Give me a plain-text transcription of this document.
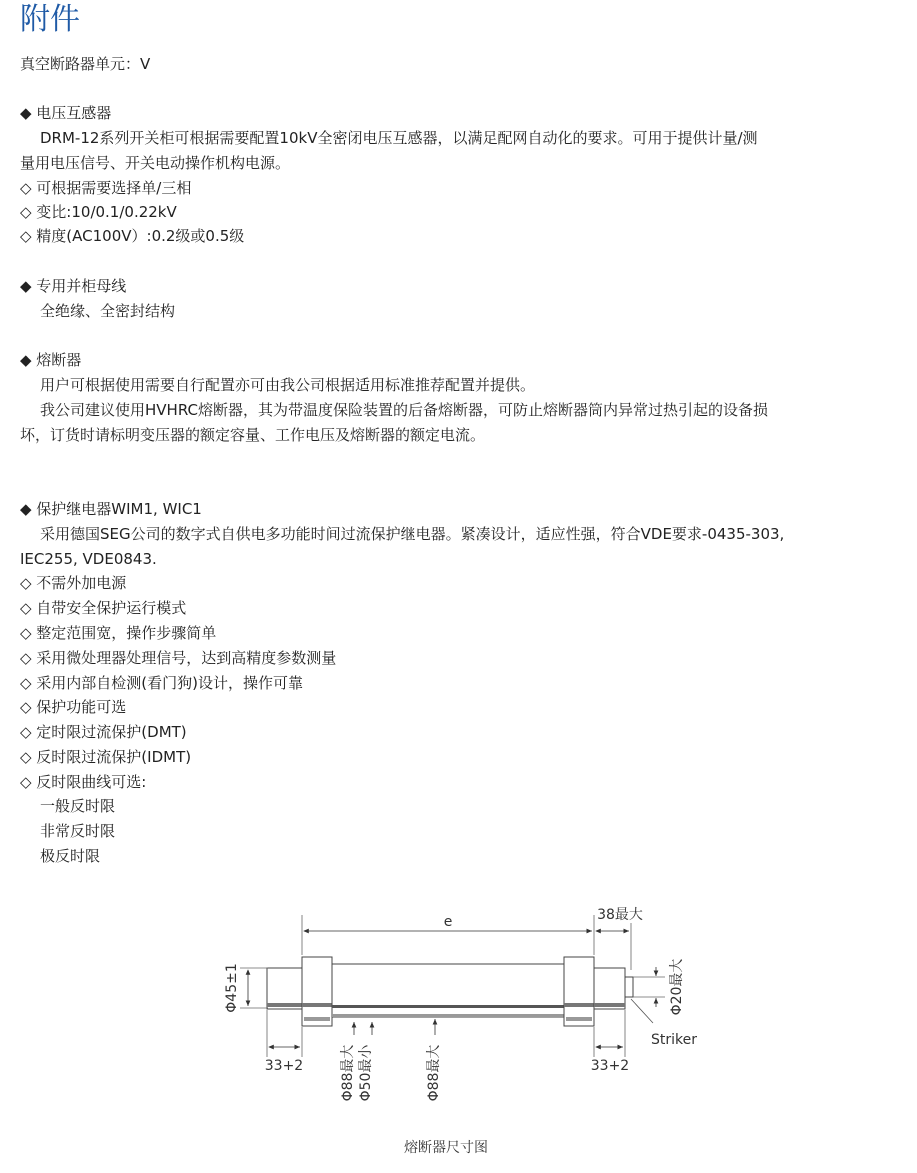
附件
真空断路器单元：V
◆ 电压互感器
DRM-12系列开关柜可根据需要配置10kV全密闭电压互感器，以满足配网自动化的要求。可用于提供计量/测
量用电压信号、开关电动操作机构电源。
◇ 可根据需要选择单/三相
◇ 变比:10/0.1/0.22kV
◇ 精度(AC100V）:0.2级或0.5级
◆ 专用并柜母线
全绝缘、全密封结构
◆ 熔断器
用户可根据使用需要自行配置亦可由我公司根据适用标准推荐配置并提供。
我公司建议使用HVHRC熔断器，其为带温度保险装置的后备熔断器，可防止熔断器筒内异常过热引起的设备损
坏，订货时请标明变压器的额定容量、工作电压及熔断器的额定电流。
◆ 保护继电器WIM1, WIC1
采用德国SEG公司的数字式自供电多功能时间过流保护继电器。紧凑设计，适应性强，符合VDE要求-0435-303,
IEC255, VDE0843.
◇ 不需外加电源
◇ 自带安全保护运行模式
◇ 整定范围宽，操作步骤简单
◇ 采用微处理器处理信号，达到高精度参数测量
◇ 采用内部自检测(看门狗)设计，操作可靠
◇ 保护功能可选
◇ 定时限过流保护(DMT)
◇ 反时限过流保护(IDMT)
◇ 反时限曲线可选:
一般反时限
非常反时限
极反时限
e	38最大
Φ45±1	Φ20最大
Striker
33+2	33+2
Φ88最大 Φ50最小	Φ88最大
熔断器尺寸图
